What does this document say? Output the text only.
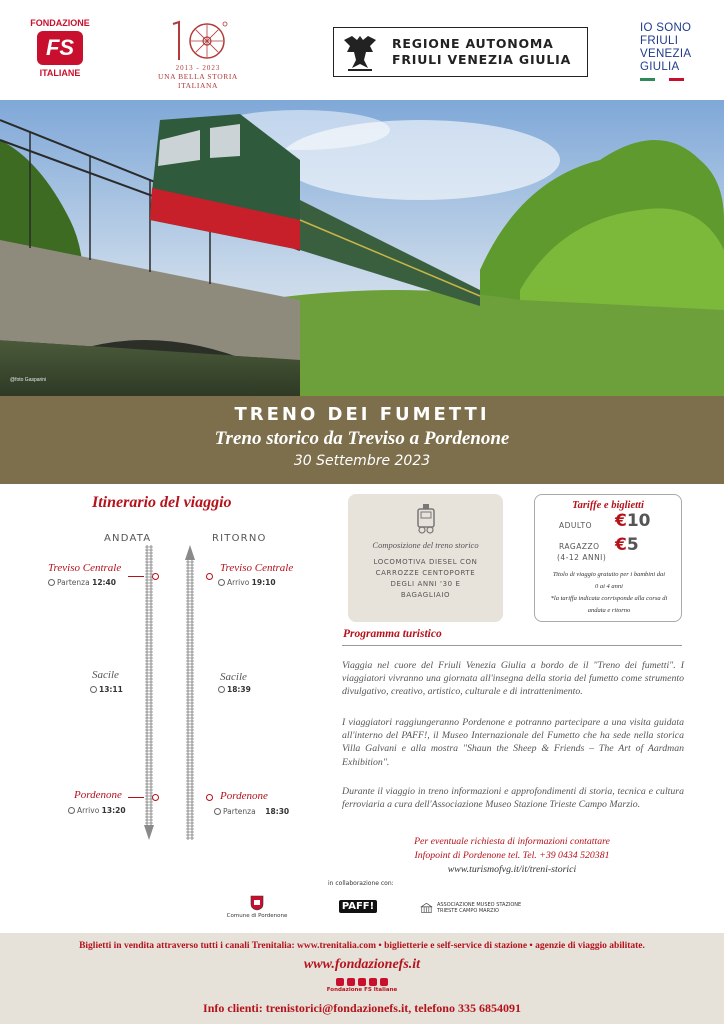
FONDAZIONE
FS
ITALIANE	2013 - 2023
UNA BELLA STORIA ITALIANA
REGIONE AUTONOMA
FRIULI VENEZIA GIULIA
IO SONO
FRIULI
VENEZIA
GIULIA
@foto Gasparini
TRENO DEI FUMETTI
Treno storico da Treviso a Pordenone
30 Settembre 2023
Itinerario del viaggio
ANDATA	RITORNO
Treviso Centrale
Partenza 12:40
Sacile
13:11
Pordenone
Arrivo 13:20
Treviso Centrale
Arrivo 19:10
Sacile
18:39
Pordenone
Partenza 18:30
Composizione del treno storico
LOCOMOTIVA DIESEL CON
CARROZZE CENTOPORTE
DEGLI ANNI '30 E
BAGAGLIAIO
Tariffe e biglietti
ADULTO €10
RAGAZZO €5
(4-12 ANNI)
Titolo di viaggio gratuito per i bambini dai
0 ai 4 anni
*la tariffa indicata corrisponde alla corsa di
andata e ritorno
Programma turistico
Viaggia nel cuore del Friuli Venezia Giulia a bordo de il "Treno dei fumetti". I viaggiatori vivranno una giornata all'insegna della storia del fumetto come strumento divulgativo, creativo, artistico, culturale e di intrattenimento.
I viaggiatori raggiungeranno Pordenone e potranno partecipare a una visita guidata all'interno del PAFF!, il Museo Internazionale del Fumetto che ha sede nella storica Villa Galvani e alla mostra "Shaun the Sheep & Friends – The Art of Aardman Exhibition".
Durante il viaggio in treno informazioni e approfondimenti di storia, tecnica e cultura ferroviaria a cura dell'Associazione Museo Stazione Trieste Campo Marzio.
Per eventuale richiesta di informazioni contattare
Infopoint di Pordenone tel. Tel. +39 0434 520381
www.turismofvg.it/it/treni-storici
in collaborazione con:
Comune di Pordenone
PAFF!	ASSOCIAZIONE MUSEO STAZIONE TRIESTE CAMPO MARZIO
Biglietti in vendita attraverso tutti i canali Trenitalia: www.trenitalia.com • biglietterie e self-service di stazione • agenzie di viaggio abilitate.
www.fondazionefs.it
Fondazione FS Italiane
Info clienti: trenistorici@fondazionefs.it, telefono 335 6854091
